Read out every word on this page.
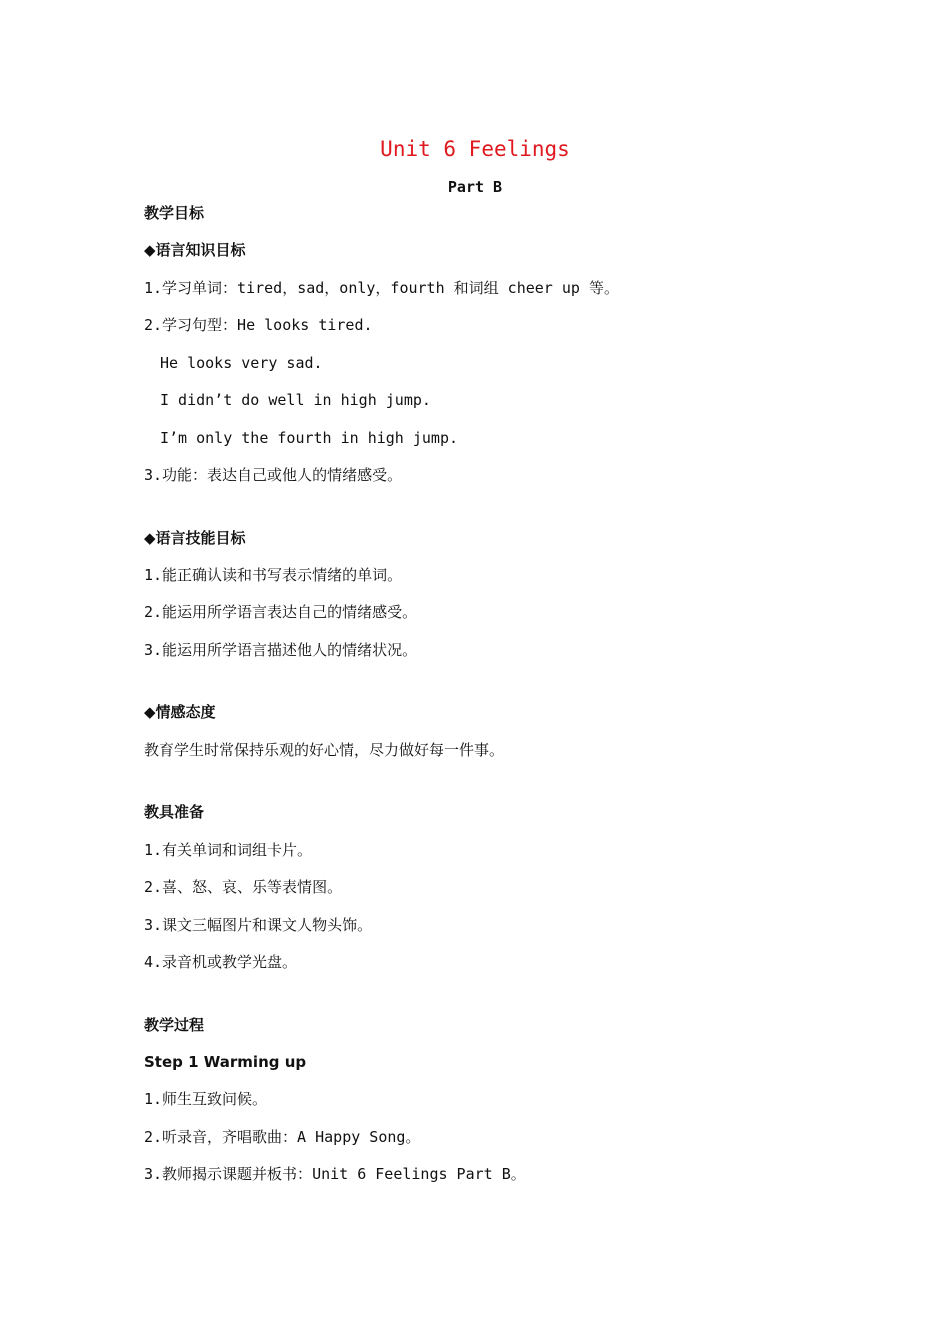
Unit 6 Feelings
Part B
教学目标
◆语言知识目标
1.学习单词：tired，sad，only，fourth 和词组 cheer up 等。
2.学习句型：He looks tired.
He looks very sad.
I didn’t do well in high jump.
I’m only the fourth in high jump.
3.功能：表达自己或他人的情绪感受。
◆语言技能目标
1.能正确认读和书写表示情绪的单词。
2.能运用所学语言表达自己的情绪感受。
3.能运用所学语言描述他人的情绪状况。
◆情感态度
教育学生时常保持乐观的好心情，尽力做好每一件事。
教具准备
1.有关单词和词组卡片。
2.喜、怒、哀、乐等表情图。
3.课文三幅图片和课文人物头饰。
4.录音机或教学光盘。
教学过程
Step 1 Warming up
1.师生互致问候。
2.听录音，齐唱歌曲：A Happy Song。
3.教师揭示课题并板书：Unit 6 Feelings Part B。
